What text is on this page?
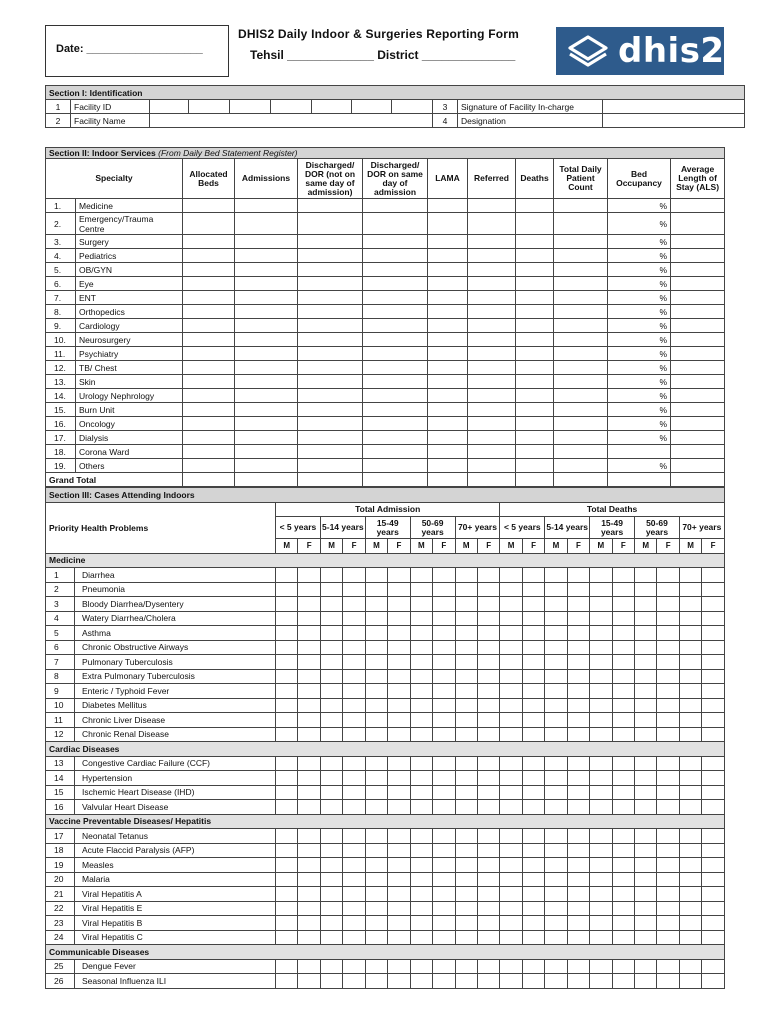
Date: ___________________
DHIS2 Daily Indoor & Surgeries Reporting Form
Tehsil _____________ District ______________	dhis2
Section I: Identification											
1	Facility ID								3	Signature of Facility In-charge	
2	Facility Name								4	Designation	
Section II: Indoor Services (From Daily Bed Statement Register)											
Specialty		Allocated Beds	Admissions	Discharged/ DOR (not on same day of admission)	Discharged/ DOR on same day of admission	LAMA	Referred	Deaths	Total Daily Patient Count	Bed Occupancy	Average Length of Stay (ALS)
1.	Medicine									%	
2.	Emergency/Trauma Centre									%	
3.	Surgery									%	
4.	Pediatrics									%	
5.	OB/GYN									%	
6.	Eye									%	
7.	ENT									%	
8.	Orthopedics									%	
9.	Cardiology									%	
10.	Neurosurgery									%	
11.	Psychiatry									%	
12.	TB/ Chest									%	
13.	Skin									%	
14.	Urology Nephrology									%	
15.	Burn Unit									%	
16.	Oncology									%	
17.	Dialysis									%	
18.	Corona Ward										
19.	Others									%	
Grand Total											
Section III: Cases Attending Indoors																					
Priority Health Problems		Total Admission										Total Deaths									
		< 5 years		5-14 years		15-49 years		50-69 years		70+ years		< 5 years		5-14 years		15-49 years		50-69 years		70+ years	
		M	F	M	F	M	F	M	F	M	F	M	F	M	F	M	F	M	F	M	F
Medicine																					
1	Diarrhea																				
2	Pneumonia																				
3	Bloody Diarrhea/Dysentery																				
4	Watery Diarrhea/Cholera																				
5	Asthma																				
6	Chronic Obstructive Airways																				
7	Pulmonary Tuberculosis																				
8	Extra Pulmonary Tuberculosis																				
9	Enteric / Typhoid Fever																				
10	Diabetes Mellitus																				
11	Chronic Liver Disease																				
12	Chronic Renal Disease																				
Cardiac Diseases																					
13	Congestive Cardiac Failure (CCF)																				
14	Hypertension																				
15	Ischemic Heart Disease (IHD)																				
16	Valvular Heart Disease																				
Vaccine Preventable Diseases/ Hepatitis																					
17	Neonatal Tetanus																				
18	Acute Flaccid Paralysis (AFP)																				
19	Measles																				
20	Malaria																				
21	Viral Hepatitis A																				
22	Viral Hepatitis E																				
23	Viral Hepatitis B																				
24	Viral Hepatitis C																				
Communicable Diseases																					
25	Dengue Fever																				
26	Seasonal Influenza ILI																				
